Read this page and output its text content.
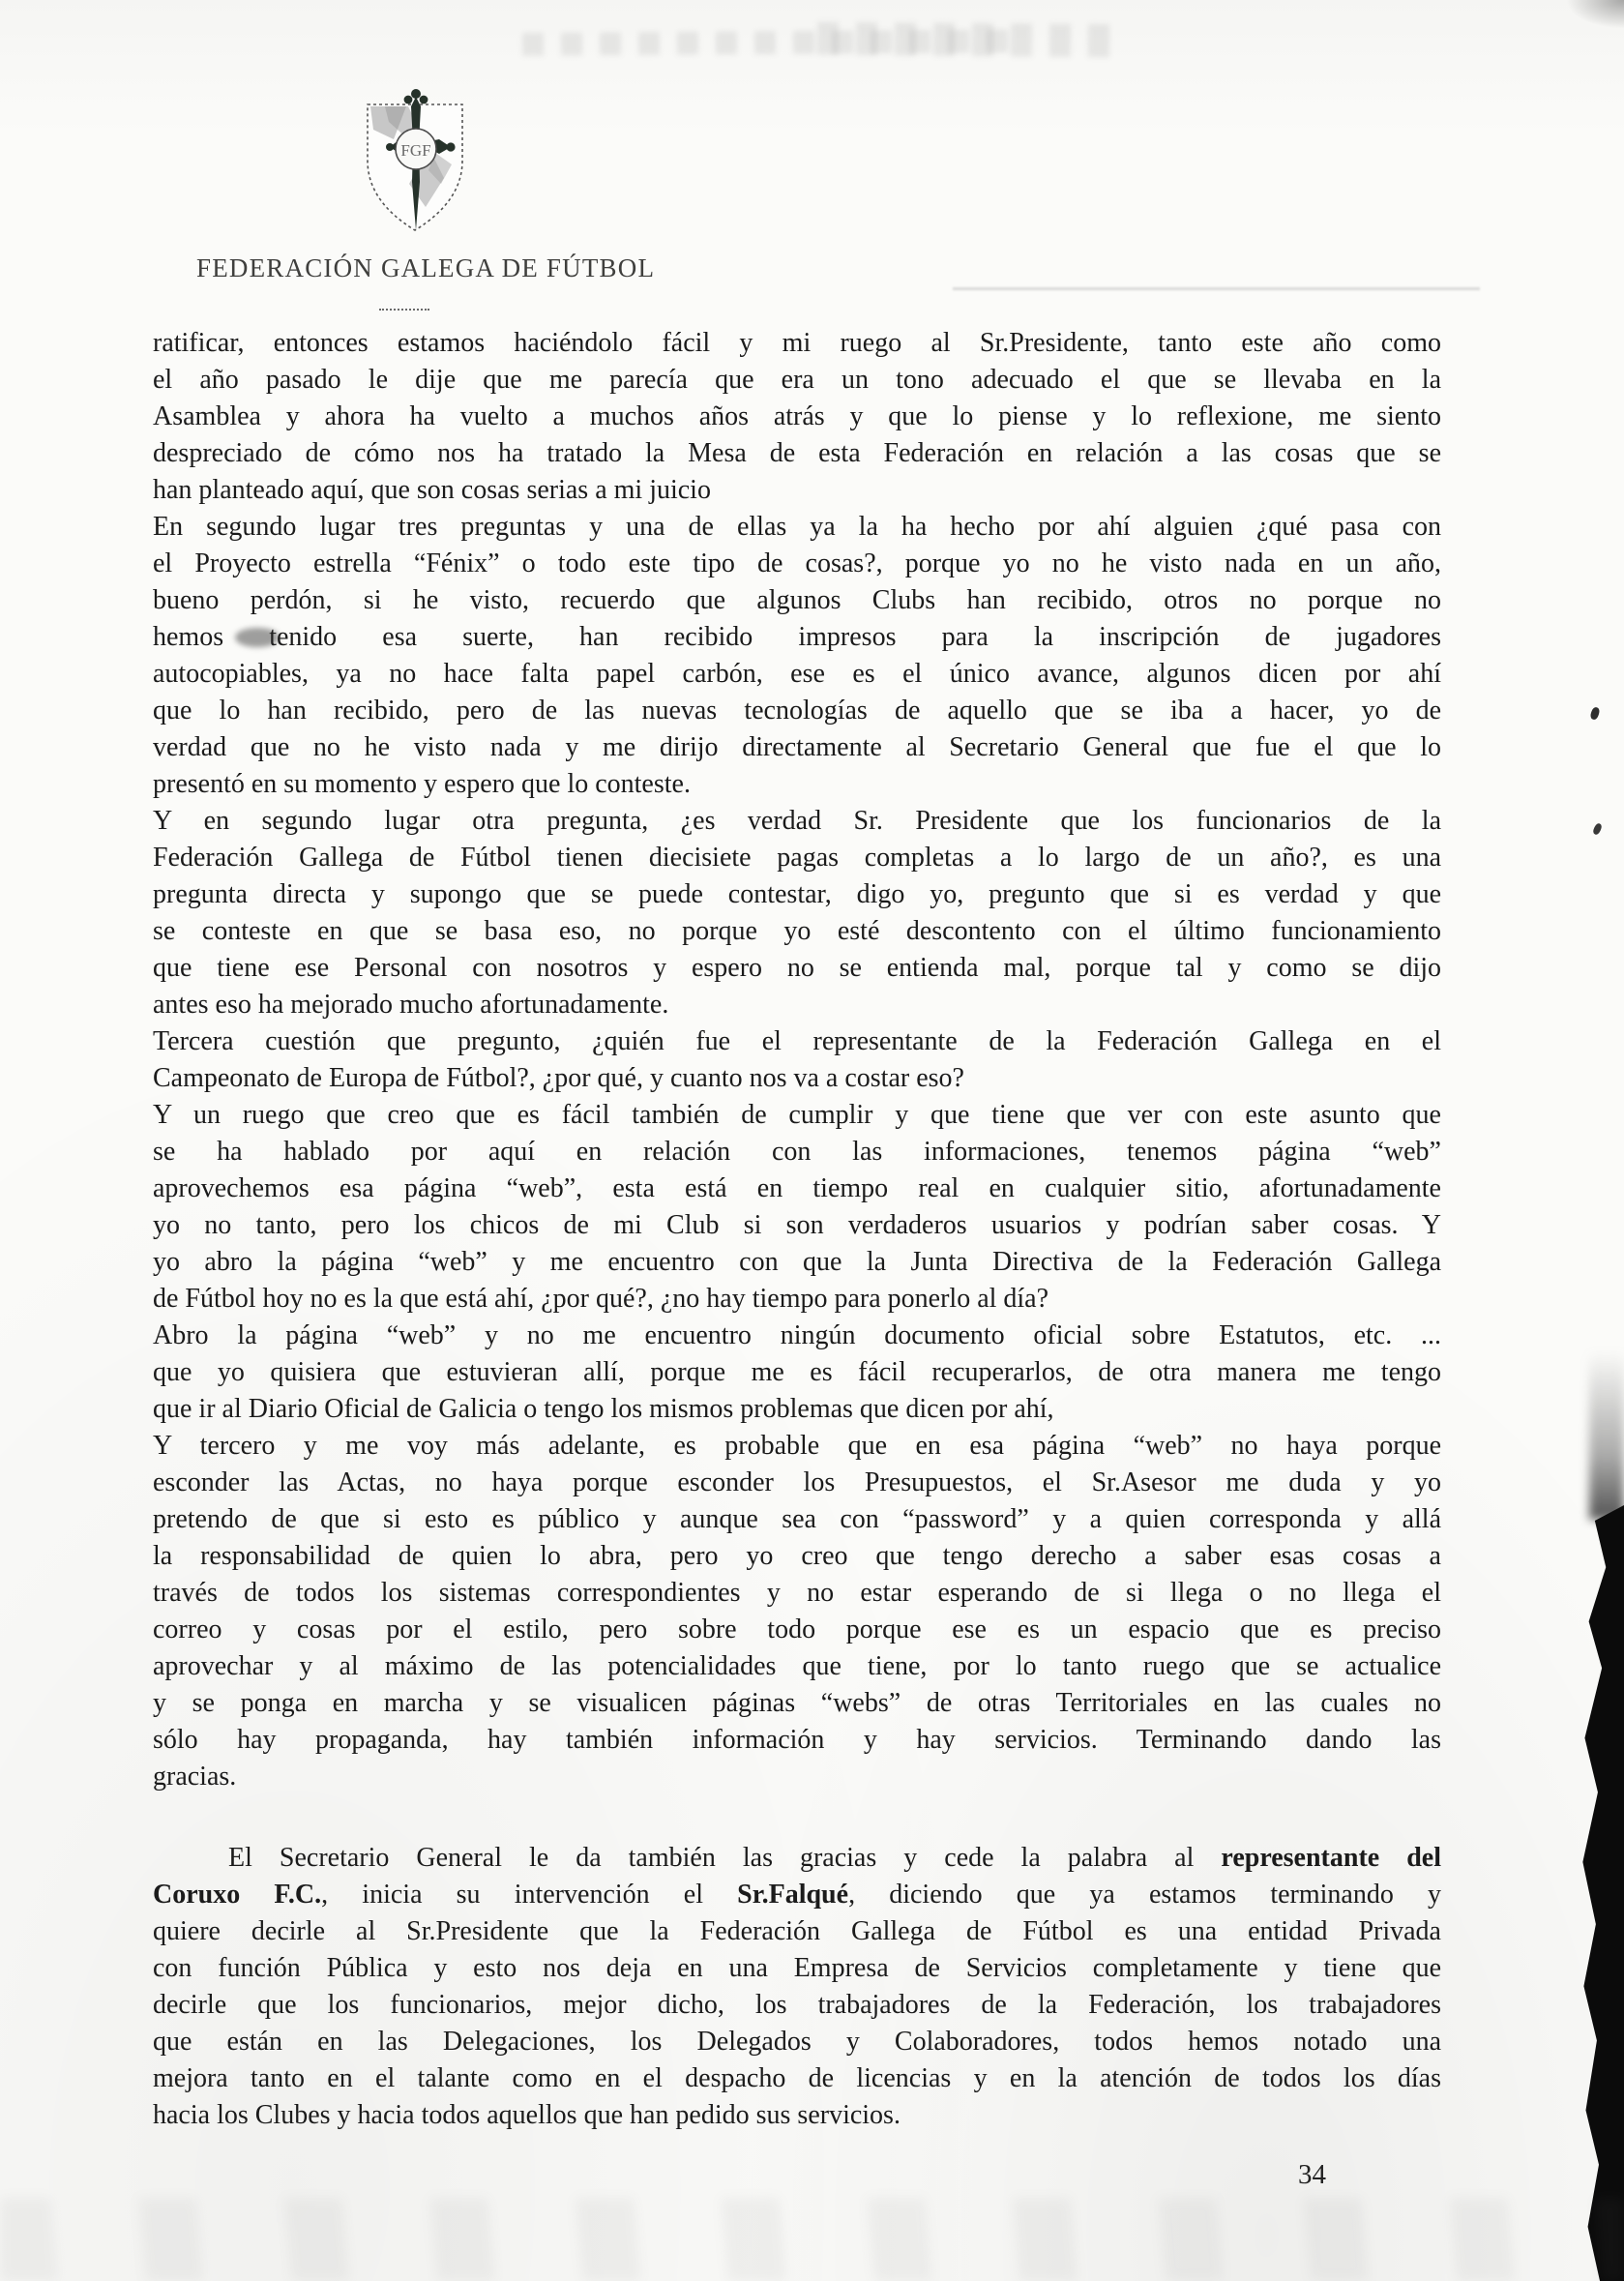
FGF
FEDERACIÓN GALEGA DE FÚTBOL
ratificar, entonces estamos haciéndolo fácil y mi ruego al Sr.Presidente, tanto este año como
el año pasado le dije que me parecía que era un tono adecuado el que se llevaba en la
Asamblea y ahora ha vuelto a muchos años atrás y que lo piense y lo reflexione, me siento
despreciado de cómo nos ha tratado la Mesa de esta Federación en relación a las cosas que se
han planteado aquí, que son cosas serias a mi juicio
En segundo lugar tres preguntas y una de ellas ya la ha hecho por ahí alguien ¿qué pasa con
el Proyecto estrella “Fénix” o todo este tipo de cosas?, porque yo no he visto nada en un año,
bueno perdón, si he visto, recuerdo que algunos Clubs han recibido, otros no porque no
hemos tenido esa suerte, han recibido impresos para la inscripción de jugadores
autocopiables, ya no hace falta papel carbón, ese es el único avance, algunos dicen por ahí
que lo han recibido, pero de las nuevas tecnologías de aquello que se iba a hacer, yo de
verdad que no he visto nada y me dirijo directamente al Secretario General que fue el que lo
presentó en su momento y espero que lo conteste.
Y en segundo lugar otra pregunta, ¿es verdad Sr. Presidente que los funcionarios de la
Federación Gallega de Fútbol tienen diecisiete pagas completas a lo largo de un año?, es una
pregunta directa y supongo que se puede contestar, digo yo, pregunto que si es verdad y que
se conteste en que se basa eso, no porque yo esté descontento con el último funcionamiento
que tiene ese Personal con nosotros y espero no se entienda mal, porque tal y como se dijo
antes eso ha mejorado mucho afortunadamente.
Tercera cuestión que pregunto, ¿quién fue el representante de la Federación Gallega en el
Campeonato de Europa de Fútbol?, ¿por qué, y cuanto nos va a costar eso?
Y un ruego que creo que es fácil también de cumplir y que tiene que ver con este asunto que
se ha hablado por aquí en relación con las informaciones, tenemos página “web”
aprovechemos esa página “web”, esta está en tiempo real en cualquier sitio, afortunadamente
yo no tanto, pero los chicos de mi Club si son verdaderos usuarios y podrían saber cosas. Y
yo abro la página “web” y me encuentro con que la Junta Directiva de la Federación Gallega
de Fútbol hoy no es la que está ahí, ¿por qué?, ¿no hay tiempo para ponerlo al día?
Abro la página “web” y no me encuentro ningún documento oficial sobre Estatutos, etc. ...
que yo quisiera que estuvieran allí, porque me es fácil recuperarlos, de otra manera me tengo
que ir al Diario Oficial de Galicia o tengo los mismos problemas que dicen por ahí,
Y tercero y me voy más adelante, es probable que en esa página “web” no haya porque
esconder las Actas, no haya porque esconder los Presupuestos, el Sr.Asesor me duda y yo
pretendo de que si esto es público y aunque sea con “password” y a quien corresponda y allá
la responsabilidad de quien lo abra, pero yo creo que tengo derecho a saber esas cosas a
través de todos los sistemas correspondientes y no estar esperando de si llega o no llega el
correo y cosas por el estilo, pero sobre todo porque ese es un espacio que es preciso
aprovechar y al máximo de las potencialidades que tiene, por lo tanto ruego que se actualice
y se ponga en marcha y se visualicen páginas “webs” de otras Territoriales en las cuales no
sólo hay propaganda, hay también información y hay servicios. Terminando dando las
gracias.
El Secretario General le da también las gracias y cede la palabra al representante del
Coruxo F.C., inicia su intervención el Sr.Falqué, diciendo que ya estamos terminando y
quiere decirle al Sr.Presidente que la Federación Gallega de Fútbol es una entidad Privada
con función Pública y esto nos deja en una Empresa de Servicios completamente y tiene que
decirle que los funcionarios, mejor dicho, los trabajadores de la Federación, los trabajadores
que están en las Delegaciones, los Delegados y Colaboradores, todos hemos notado una
mejora tanto en el talante como en el despacho de licencias y en la atención de todos los días
hacia los Clubes y hacia todos aquellos que han pedido sus servicios.
34
